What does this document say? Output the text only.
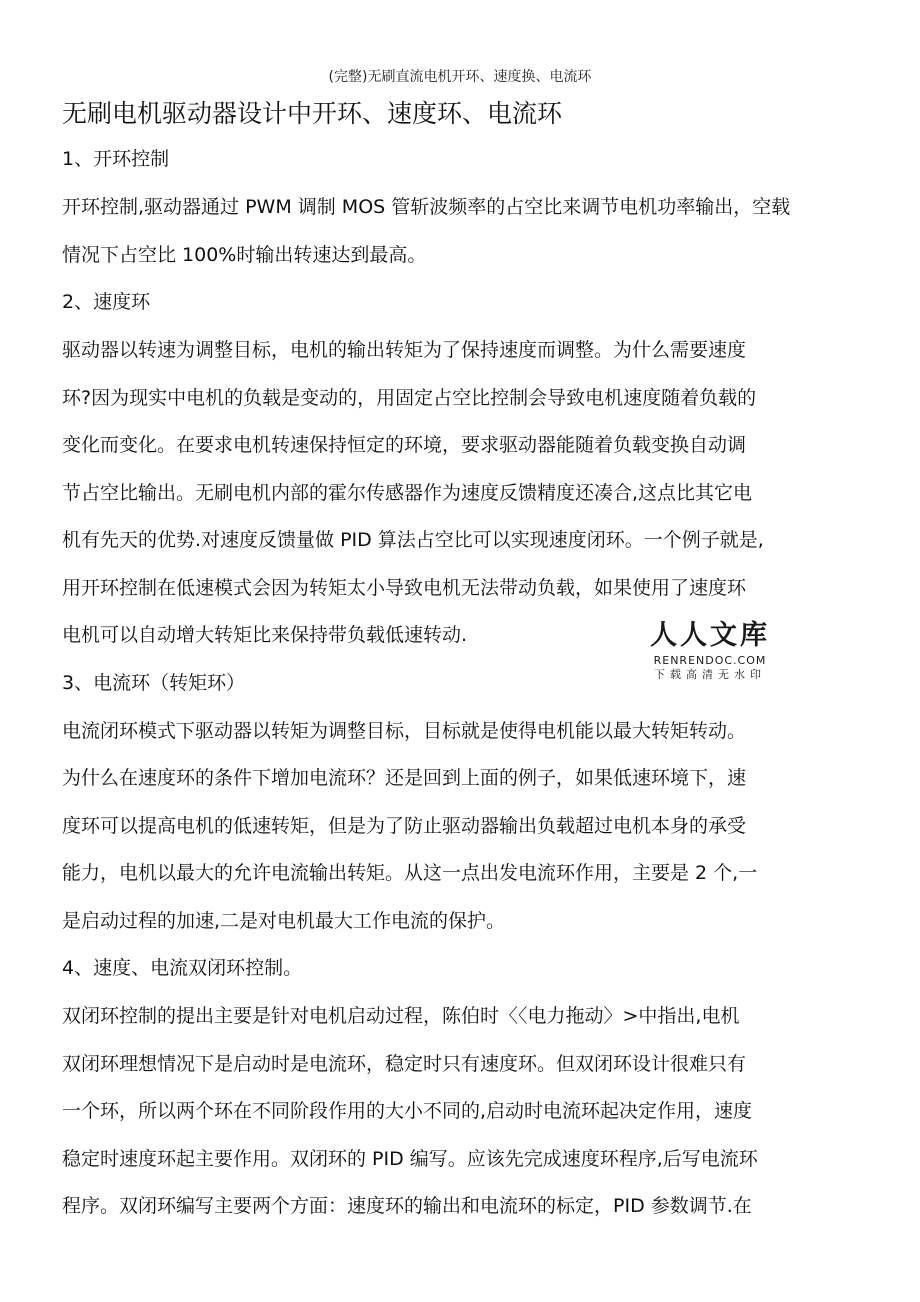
(完整)无刷直流电机开环、速度换、电流环
无刷电机驱动器设计中开环、速度环、电流环

1、开环控制

开环控制,驱动器通过 PWM 调制 MOS 管斩波频率的占空比来调节电机功率输出，空载

情况下占空比 100%时输出转速达到最高。

2、速度环

驱动器以转速为调整目标，电机的输出转矩为了保持速度而调整。为什么需要速度

环?因为现实中电机的负载是变动的，用固定占空比控制会导致电机速度随着负载的

变化而变化。在要求电机转速保持恒定的环境，要求驱动器能随着负载变换自动调

节占空比输出。无刷电机内部的霍尔传感器作为速度反馈精度还凑合,这点比其它电

机有先天的优势.对速度反馈量做 PID 算法占空比可以实现速度闭环。一个例子就是,

用开环控制在低速模式会因为转矩太小导致电机无法带动负载，如果使用了速度环

电机可以自动增大转矩比来保持带负载低速转动.

3、电流环（转矩环）

电流闭环模式下驱动器以转矩为调整目标，目标就是使得电机能以最大转矩转动。

为什么在速度环的条件下增加电流环？还是回到上面的例子，如果低速环境下，速

度环可以提高电机的低速转矩，但是为了防止驱动器输出负载超过电机本身的承受

能力，电机以最大的允许电流输出转矩。从这一点出发电流环作用，主要是 2 个,一

是启动过程的加速,二是对电机最大工作电流的保护。

4、速度、电流双闭环控制。

双闭环控制的提出主要是针对电机启动过程，陈伯时〈〈电力拖动〉>中指出,电机

双闭环理想情况下是启动时是电流环，稳定时只有速度环。但双闭环设计很难只有

一个环，所以两个环在不同阶段作用的大小不同的,启动时电流环起决定作用，速度

稳定时速度环起主要作用。双闭环的 PID 编写。应该先完成速度环程序,后写电流环

程序。双闭环编写主要两个方面：速度环的输出和电流环的标定，PID 参数调节.在

人人文库
RENRENDOC.COM
下载高清无水印
